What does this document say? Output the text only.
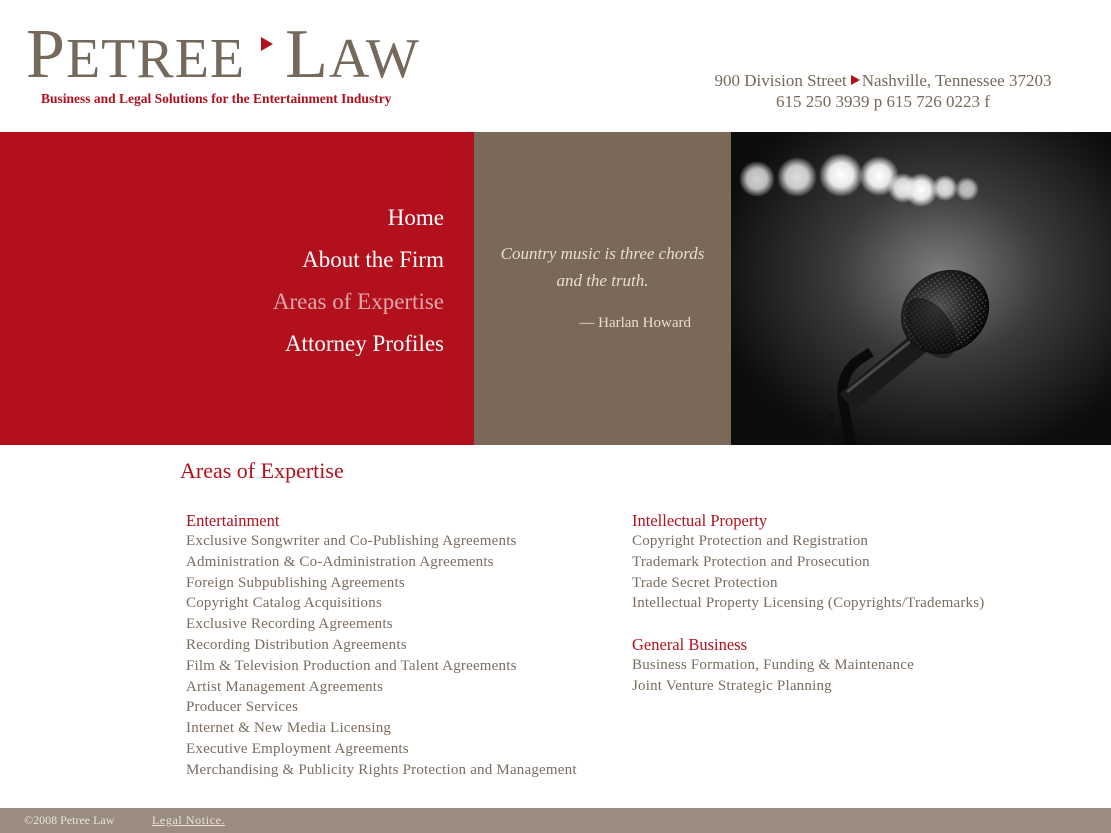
PETREE LAW
Business and Legal Solutions for the Entertainment Industry
900 Division Street Nashville, Tennessee 37203
615 250 3939 p 615 726 0223 f
Home
About the Firm
Areas of Expertise
Attorney Profiles
Country music is three chords and the truth.
— Harlan Howard
Areas of Expertise
Entertainment
Exclusive Songwriter and Co-Publishing Agreements
Administration & Co-Administration Agreements
Foreign Subpublishing Agreements
Copyright Catalog Acquisitions
Exclusive Recording Agreements
Recording Distribution Agreements
Film & Television Production and Talent Agreements
Artist Management Agreements
Producer Services
Internet & New Media Licensing
Executive Employment Agreements
Merchandising & Publicity Rights Protection and Management
Intellectual Property
Copyright Protection and Registration
Trademark Protection and Prosecution
Trade Secret Protection
Intellectual Property Licensing (Copyrights/Trademarks)
General Business
Business Formation, Funding & Maintenance
Joint Venture Strategic Planning
©2008 Petree Law	Legal Notice.
